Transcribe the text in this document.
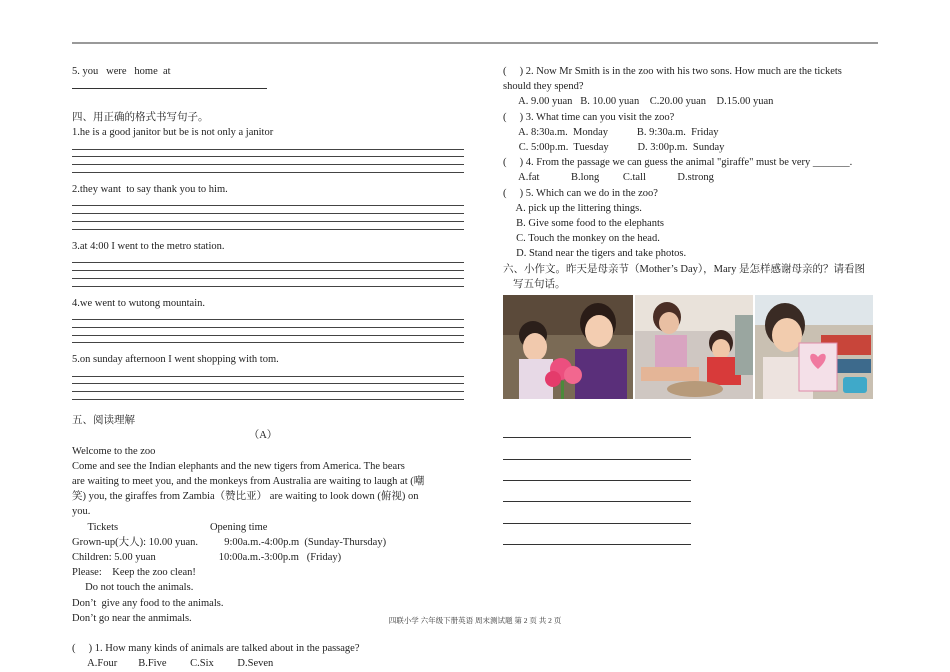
5. you   were   home  at
四、用正确的格式书写句子。
1.he is a good janitor but be is not only a janitor
2.they want  to say thank you to him.
3.at 4:00 I went to the metro station.
4.we went to wutong mountain.
5.on sunday afternoon I went shopping with tom.
五、阅读理解
（A）
Welcome to the zoo
Come and see the Indian elephants and the new tigers from America. The bears
are waiting to meet you, and the monkeys from Australia are waiting to laugh at (嘲
笑) you, the giraffes from Zambia（赞比亚） are waiting to look down (俯视) on
you.
Tickets                                   Opening time
Grown-up(大人): 10.00 yuan.          9:00a.m.-4:00p.m  (Sunday-Thursday)
Children: 5.00 yuan                        10:00a.m.-3:00p.m   (Friday)
Please:    Keep the zoo clean!
Do not touch the animals.
Don’t  give any food to the animals.
Don’t go near the anmimals.
(     ) 1. How many kinds of animals are talked about in the passage?
A.Four        B.Five         C.Six         D.Seven
(     ) 2. Now Mr Smith is in the zoo with his two sons. How much are the tickets
should they spend?
A. 9.00 yuan   B. 10.00 yuan    C.20.00 yuan    D.15.00 yuan
(     ) 3. What time can you visit the zoo?
A. 8:30a.m.  Monday           B. 9:30a.m.  Friday
C. 5:00p.m.  Tuesday           D. 3:00p.m.  Sunday
(     ) 4. From the passage we can guess the animal "giraffe" must be very _______.
A.fat            B.long         C.tall            D.strong
(     ) 5. Which can we do in the zoo?
A. pick up the littering things.
B. Give some food to the elephants
C. Touch the monkey on the head.
D. Stand near the tigers and take photos.
六、小作文。昨天是母亲节（Mother’s Day），Mary 是怎样感谢母亲的？请看图
写五句话。
四联小学 六年级下册英语 周末测试题 第 2 页 共 2 页
